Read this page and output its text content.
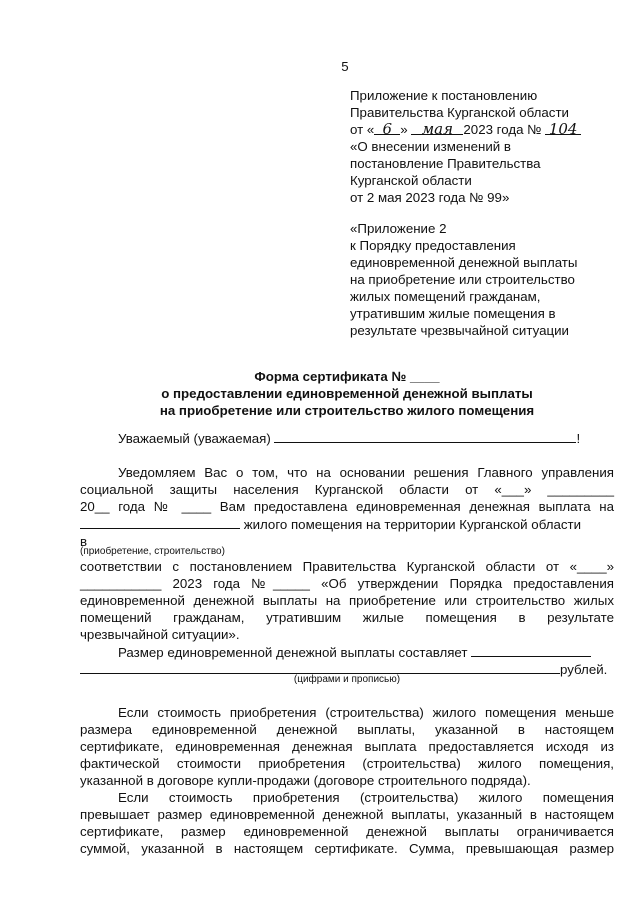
5
Приложение к постановлению
Правительства Курганской области
от « 6 » мая 2023 года № 104
«О внесении изменений в
постановление Правительства
Курганской области
от 2 мая 2023 года № 99»
«Приложение 2
к Порядку предоставления
единовременной денежной выплаты
на приобретение или строительство
жилых помещений гражданам,
утратившим жилые помещения в
результате чрезвычайной ситуации
Форма сертификата № ____
о предоставлении единовременной денежной выплаты
на приобретение или строительство жилого помещения
Уважаемый (уважаемая)	!
Уведомляем Вас о том, что на основании решения Главного управления
социальной защиты населения Курганской области от «___» _________
20__ года № ____ Вам предоставлена единовременная денежная выплата на
жилого помещения на территории Курганской области
в
(приобретение, строительство)
соответствии с постановлением Правительства Курганской области от «____»
___________ 2023 года №_____ «Об утверждении Порядка предоставления
единовременной денежной выплаты на приобретение или строительство жилых
помещений гражданам, утратившим жилые помещения в результате
чрезвычайной ситуации».
Размер единовременной денежной выплаты составляет
рублей.
(цифрами и прописью)
Если стоимость приобретения (строительства) жилого помещения меньше
размера единовременной денежной выплаты, указанной в настоящем
сертификате, единовременная денежная выплата предоставляется исходя из
фактической стоимости приобретения (строительства) жилого помещения,
указанной в договоре купли-продажи (договоре строительного подряда).
Если стоимость приобретения (строительства) жилого помещения
превышает размер единовременной денежной выплаты, указанный в настоящем
сертификате, размер единовременной денежной выплаты ограничивается
суммой, указанной в настоящем сертификате. Сумма, превышающая размер
